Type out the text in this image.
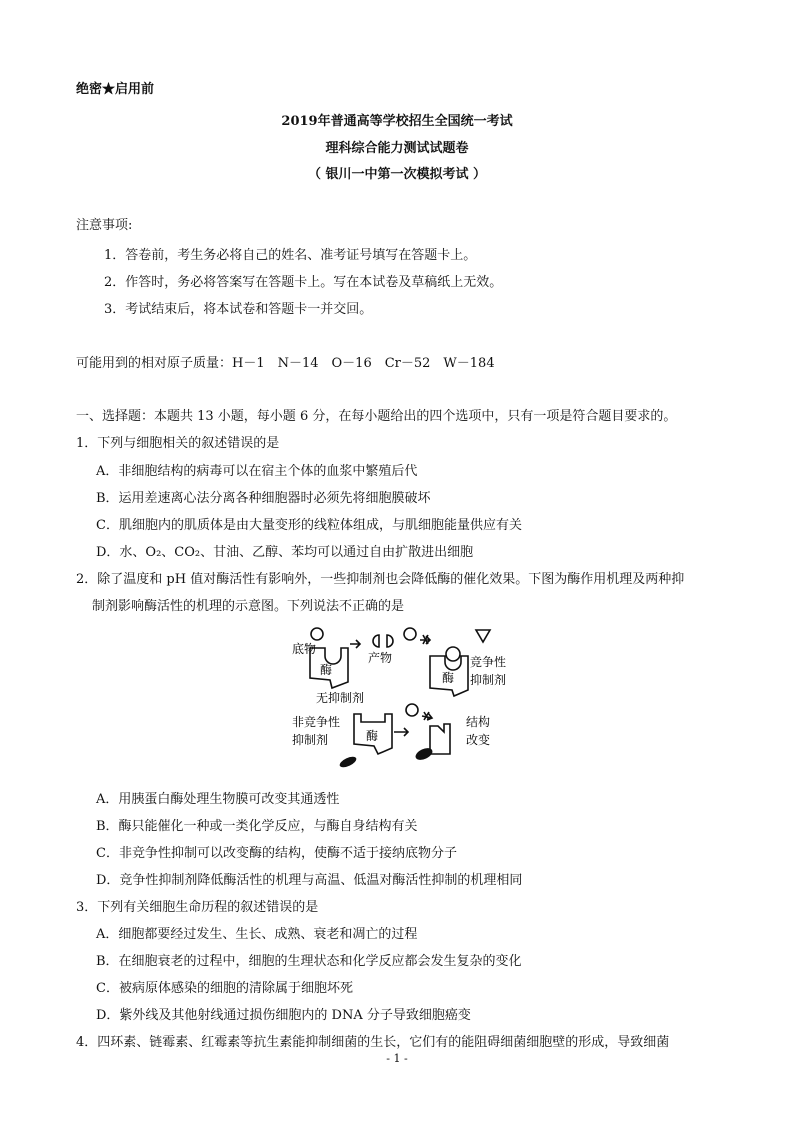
绝密★启用前
2019年普通高等学校招生全国统一考试
理科综合能力测试试题卷
（ 银川一中第一次模拟考试 ）
注意事项:
1．答卷前，考生务必将自己的姓名、准考证号填写在答题卡上。
2．作答时，务必将答案写在答题卡上。写在本试卷及草稿纸上无效。
3．考试结束后，将本试卷和答题卡一并交回。
可能用到的相对原子质量：H－1　N－14　O－16　Cr－52　W－184
一、选择题：本题共 13 小题，每小题 6 分，在每小题给出的四个选项中，只有一项是符合题目要求的。
1．下列与细胞相关的叙述错误的是
A．非细胞结构的病毒可以在宿主个体的血浆中繁殖后代
B．运用差速离心法分离各种细胞器时必须先将细胞膜破坏
C．肌细胞内的肌质体是由大量变形的线粒体组成，与肌细胞能量供应有关
D．水、O₂、CO₂、甘油、乙醇、苯均可以通过自由扩散进出细胞
2．除了温度和 pH 值对酶活性有影响外，一些抑制剂也会降低酶的催化效果。下图为酶作用机理及两种抑
制剂影响酶活性的机理的示意图。下列说法不正确的是
底物
产物
酶
无抑制剂
竞争性
抑制剂
酶
非竞争性
抑制剂	酶
结构
改变
A．用胰蛋白酶处理生物膜可改变其通透性
B．酶只能催化一种或一类化学反应，与酶自身结构有关
C．非竞争性抑制可以改变酶的结构，使酶不适于接纳底物分子
D．竞争性抑制剂降低酶活性的机理与高温、低温对酶活性抑制的机理相同
3．下列有关细胞生命历程的叙述错误的是
A．细胞都要经过发生、生长、成熟、衰老和凋亡的过程
B．在细胞衰老的过程中，细胞的生理状态和化学反应都会发生复杂的变化
C．被病原体感染的细胞的清除属于细胞坏死
D．紫外线及其他射线通过损伤细胞内的 DNA 分子导致细胞癌变
4．四环素、链霉素、红霉素等抗生素能抑制细菌的生长，它们有的能阻碍细菌细胞壁的形成，导致细菌
- 1 -
